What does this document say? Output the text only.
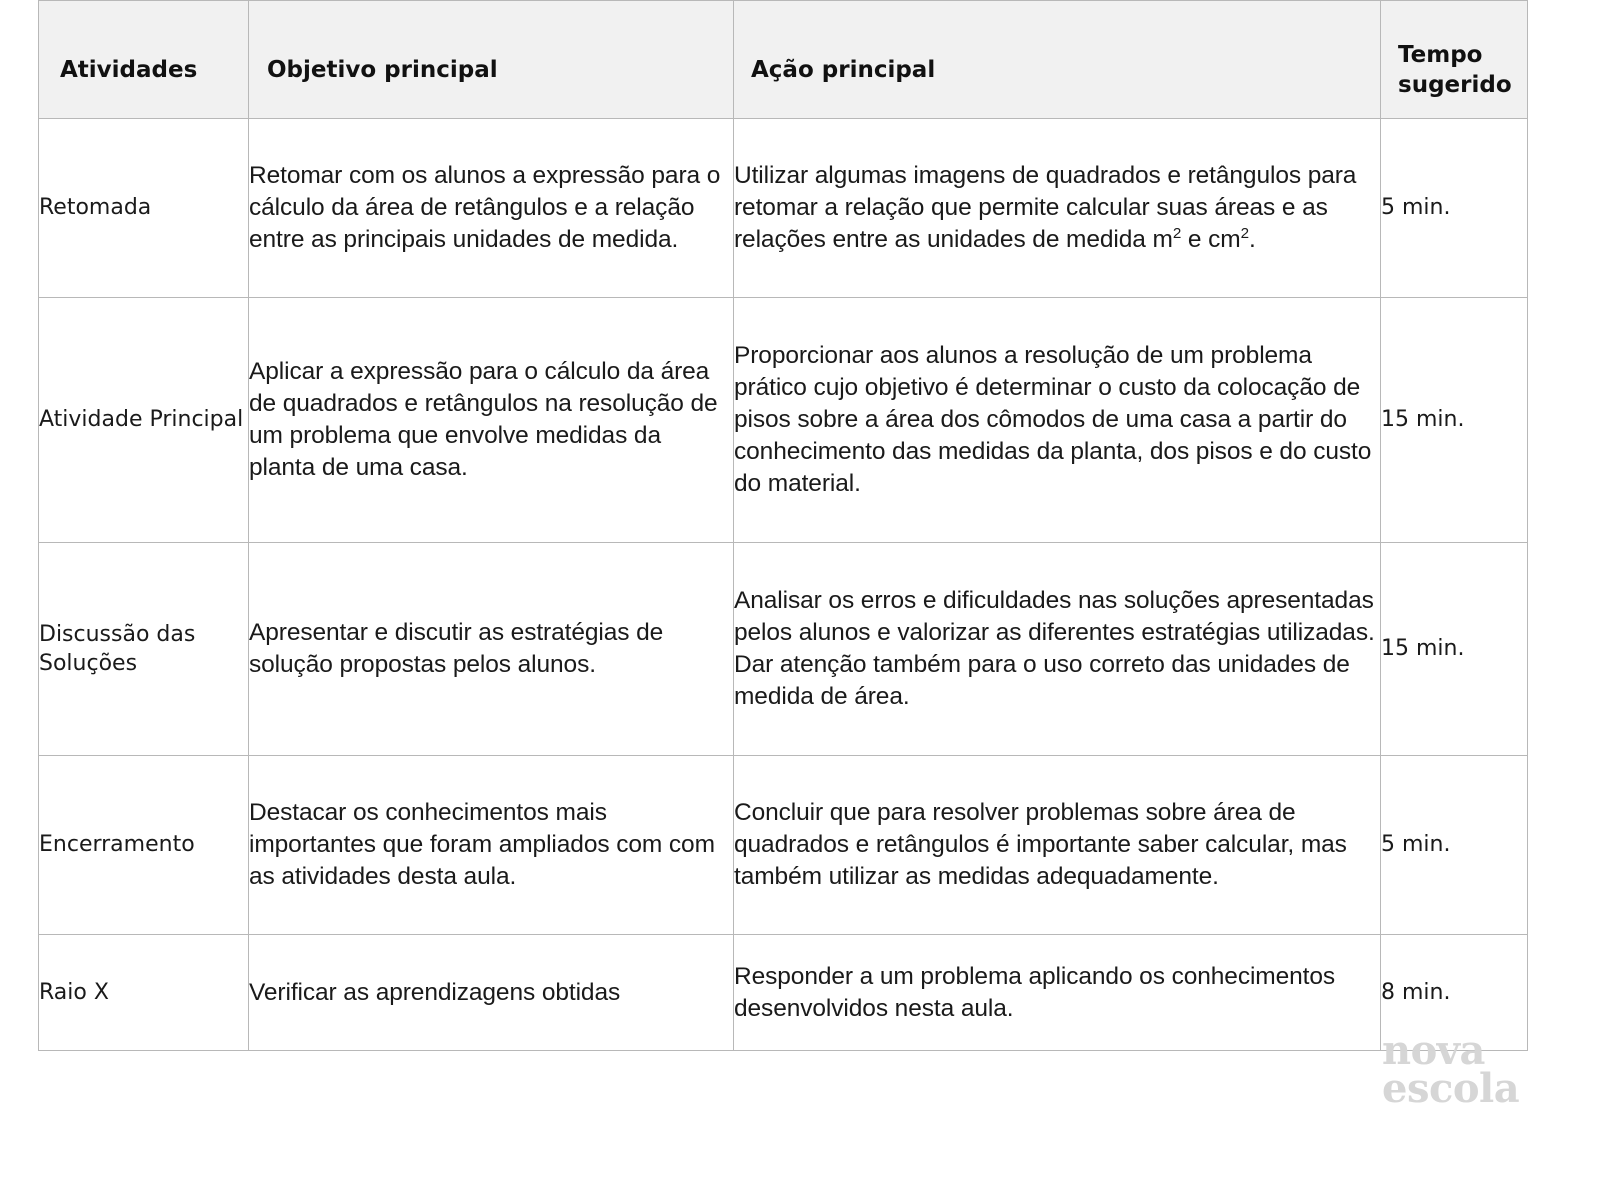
Atividades	Objetivo principal	Ação principal	Tempo
sugerido

Retomada	Retomar com os alunos a expressão para o cálculo da área de retângulos e a relação entre as principais unidades de medida.	Utilizar algumas imagens de quadrados e retângulos para retomar a relação que permite calcular suas áreas e as relações entre as unidades de medida $m^2$ e $cm^2$.	5 min.
Atividade Principal	Aplicar a expressão para o cálculo da área de quadrados e retângulos na resolução de um problema que envolve medidas da planta de uma casa.	Proporcionar aos alunos a resolução de um problema prático cujo objetivo é determinar o custo da colocação de pisos sobre a área dos cômodos de uma casa a partir do conhecimento das medidas da planta, dos pisos e do custo do material.	15 min.
Discussão das Soluções	Apresentar e discutir as estratégias de solução propostas pelos alunos.	Analisar os erros e dificuldades nas soluções apresentadas pelos alunos e valorizar as diferentes estratégias utilizadas. Dar atenção também para o uso correto das unidades de medida de área.	15 min.
Encerramento	Destacar os conhecimentos mais importantes que foram ampliados com com as atividades desta aula.	Concluir que para resolver problemas sobre área de quadrados e retângulos é importante saber calcular, mas também utilizar as medidas adequadamente.	5 min.
Raio X	Verificar as aprendizagens obtidas	Responder a um problema aplicando os conhecimentos desenvolvidos nesta aula.	8 min.
nova
escola
